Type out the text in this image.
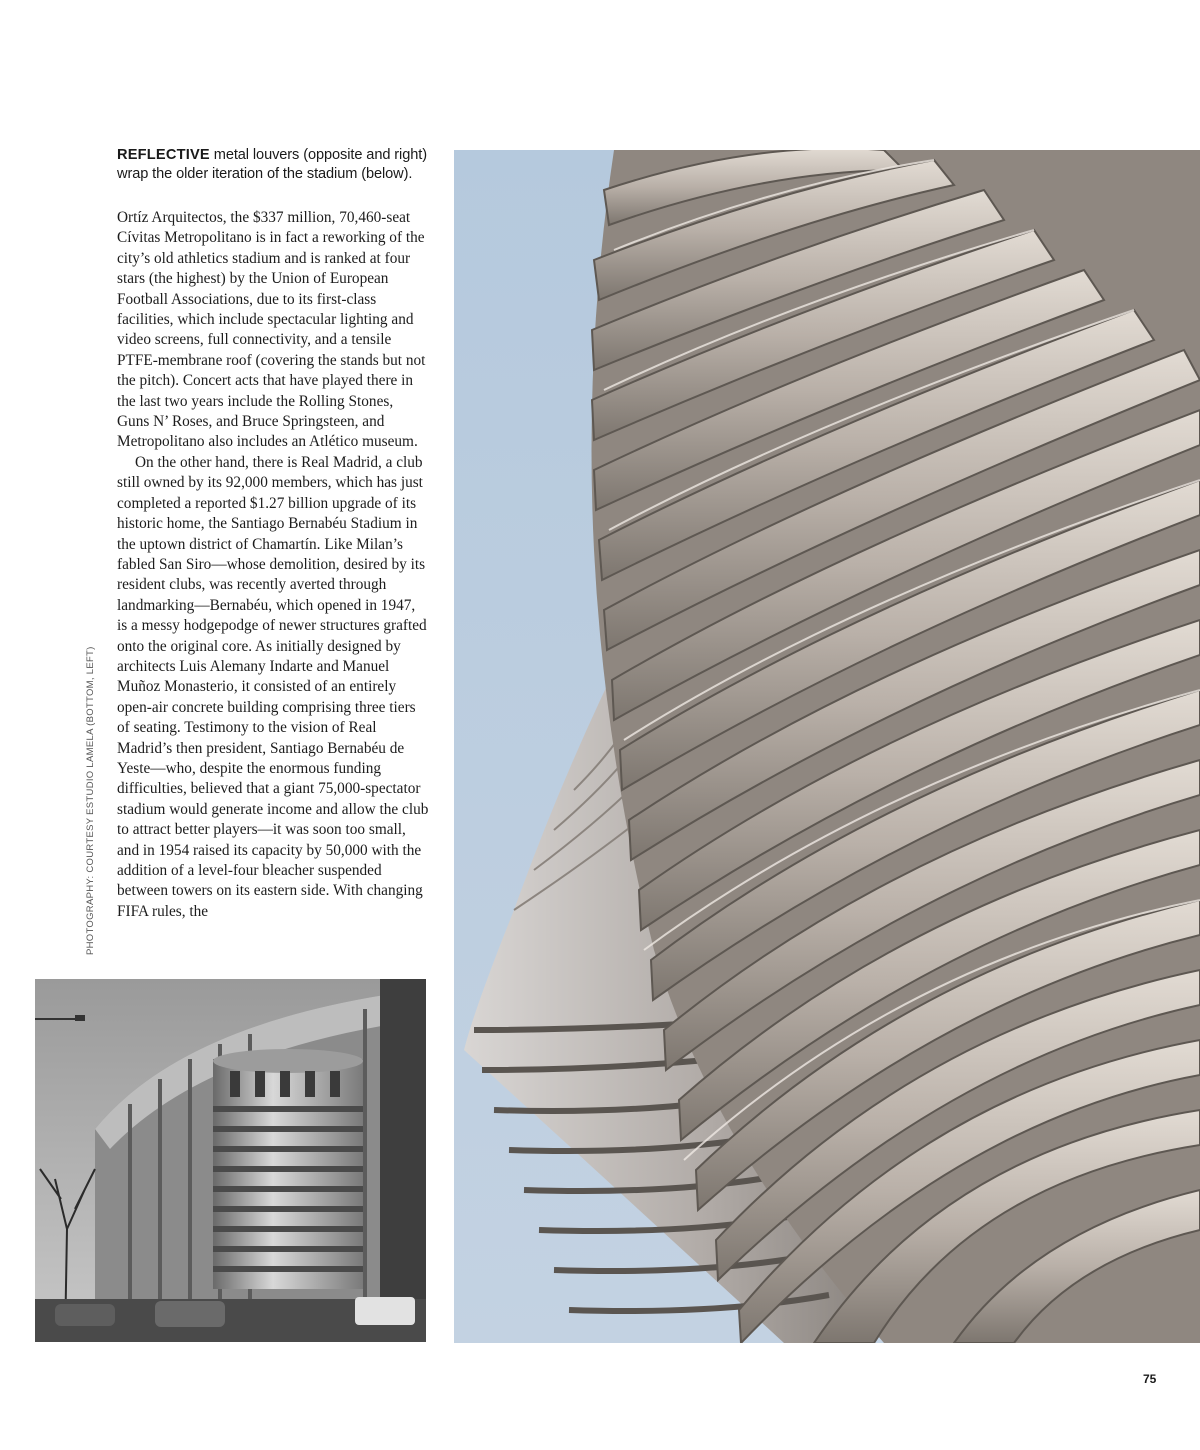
REFLECTIVE metal louvers (opposite and right) wrap the older iteration of the stadium (below).

Ortíz Arquitectos, the $337 million, 70,460-seat Cívitas Metropolitano is in fact a reworking of the city’s old athletics stadium and is ranked at four stars (the highest) by the Union of European Football Associations, due to its first-class facilities, which include spectacular lighting and video screens, full connectivity, and a tensile PTFE-membrane roof (covering the stands but not the pitch). Concert acts that have played there in the last two years include the Rolling Stones, Guns N’ Roses, and Bruce Springsteen, and Metropolitano also includes an Atlético museum.

On the other hand, there is Real Madrid, a club still owned by its 92,000 members, which has just completed a reported $1.27 billion upgrade of its historic home, the Santiago Bernabéu Stadium in the uptown district of Chamartín. Like Milan’s fabled San Siro—whose demolition, desired by its resident clubs, was recently averted through landmarking—Bernabéu, which opened in 1947, is a messy hodgepodge of newer structures grafted onto the original core. As initially designed by architects Luis Alemany Indarte and Manuel Muñoz Monasterio, it consisted of an entirely open-air concrete building comprising three tiers of seating. Testimony to the vision of Real Madrid’s then president, Santiago Bernabéu de Yeste—who, despite the enormous funding difficulties, believed that a giant 75,000-spectator stadium would generate income and allow the club to attract better players—it was soon too small, and in 1954 raised its capacity by 50,000 with the addition of a level-four bleacher suspended between towers on its eastern side. With changing FIFA rules, the

PHOTOGRAPHY: COURTESY ESTUDIO LAMELA (BOTTOM, LEFT)
75
